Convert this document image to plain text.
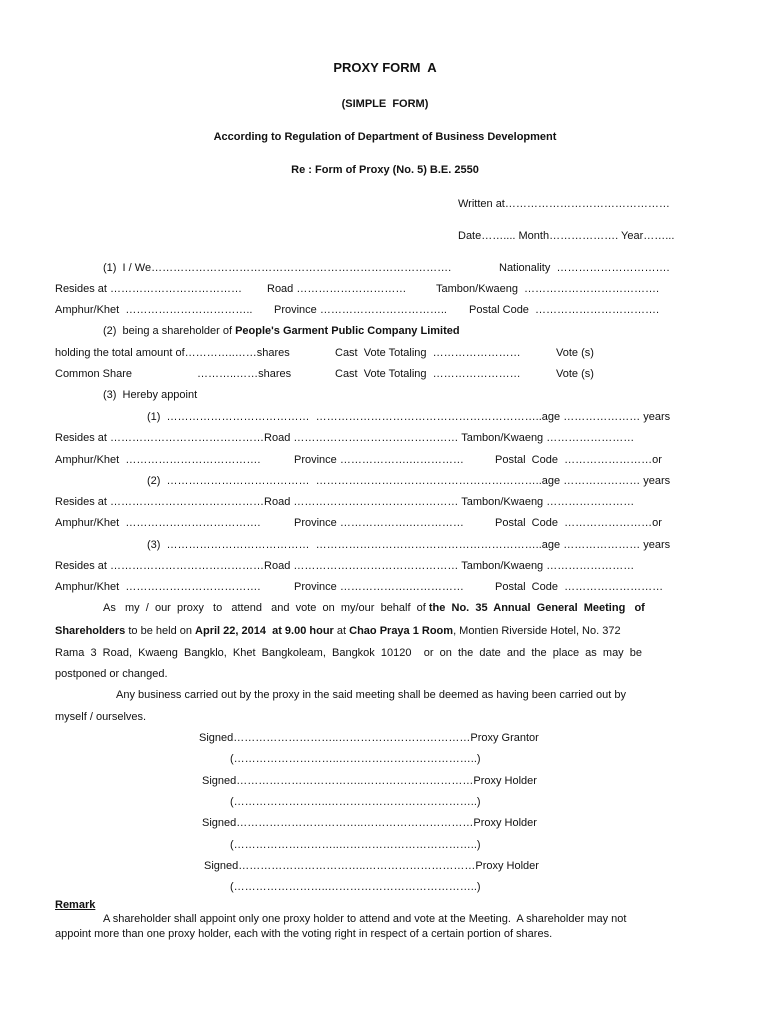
PROXY FORM  A
(SIMPLE  FORM)
According to Regulation of Department of Business Development
Re : Form of Proxy (No. 5) B.E. 2550
Written at………………………………………
Date…….... Month………………. Year……...
(1)  I / We……………………………………………………………………….	Nationality  ………………………….
Resides at ……………………………… Road …………………………	Tambon/Kwaeng  ……………………………….
Amphur/Khet  …………………………….. Province …………………………….. Postal Code  …………………………….
(2)  being a shareholder of People's Garment Public Company Limited
holding the total amount of…………..……shares	Cast  Vote Totaling  ……………………	Vote (s)
Common Share	………..……shares	Cast  Vote Totaling  ……………………	Vote (s)
(3)  Hereby appoint
(1)  …………………………………  ……………………………………………………..age ………………… years
Resides at ……………………………………Road ……………………………………… Tambon/Kwaeng ……………………
Amphur/Khet  ……………………………….	Province ……………….……………	Postal  Code  ……………………or
(2)  …………………………………  ……………………………………………………..age ………………… years
Resides at ……………………………………Road ……………………………………… Tambon/Kwaeng ……………………
Amphur/Khet  ……………………………….	Province ……………….……………	Postal  Code  ……………………or
(3)  …………………………………  ……………………………………………………..age ………………… years
Resides at ……………………………………Road ……………………………………… Tambon/Kwaeng ……………………
Amphur/Khet  ……………………………….	Province ……………….……………	Postal  Code  ………………………
As   my  /  our  proxy   to   attend   and  vote  on  my/our  behalf  of the  No.  35  Annual  General  Meeting   of
Shareholders to be held on April 22, 2014  at 9.00 hour at Chao Praya 1 Room, Montien Riverside Hotel, No. 372
Rama  3  Road,  Kwaeng  Bangklo,  Khet  Bangkoleam,  Bangkok  10120    or  on  the  date  and  the  place  as  may  be
postponed or changed.
Any business carried out by the proxy in the said meeting shall be deemed as having been carried out by
myself / ourselves.
Signed………………………..………………………………Proxy Grantor
(………………………..………………………………..)
Signed……………………………..…………………………Proxy Holder
(……………………..…………………………………..)
Signed……………………………..…………………………Proxy Holder
(………………………..………………………………..)
Signed……………………………..…………………………Proxy Holder
(……………………..…………………………………..)
Remark
A shareholder shall appoint only one proxy holder to attend and vote at the Meeting.  A shareholder may not
appoint more than one proxy holder, each with the voting right in respect of a certain portion of shares.
